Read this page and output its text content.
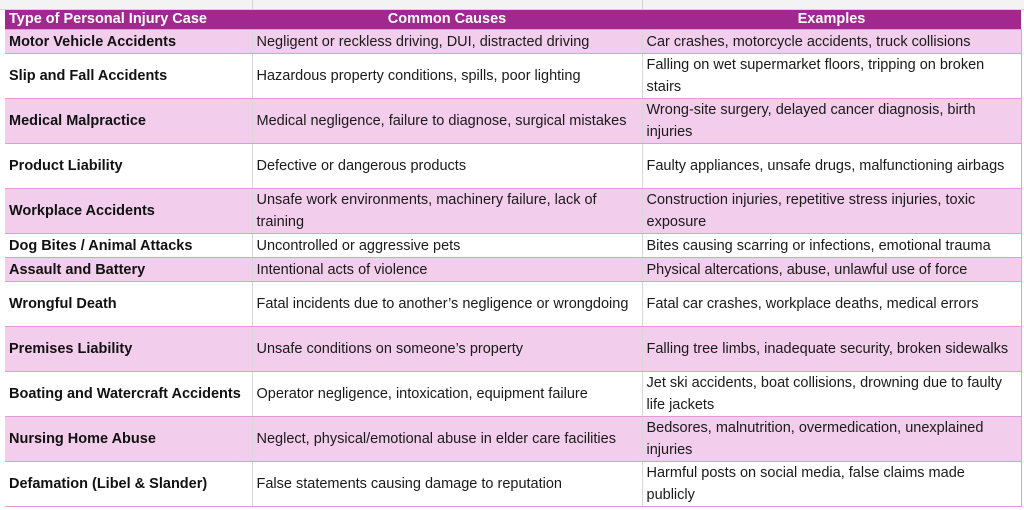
Type of Personal Injury Case	Common Causes	Examples
Motor Vehicle Accidents	Negligent or reckless driving, DUI, distracted driving	Car crashes, motorcycle accidents, truck collisions
Slip and Fall Accidents	Hazardous property conditions, spills, poor lighting	Falling on wet supermarket floors, tripping on broken stairs
Medical Malpractice	Medical negligence, failure to diagnose, surgical mistakes	Wrong-site surgery, delayed cancer diagnosis, birth injuries
Product Liability	Defective or dangerous products	Faulty appliances, unsafe drugs, malfunctioning airbags
Workplace Accidents	Unsafe work environments, machinery failure, lack of training	Construction injuries, repetitive stress injuries, toxic exposure
Dog Bites / Animal Attacks	Uncontrolled or aggressive pets	Bites causing scarring or infections, emotional trauma
Assault and Battery	Intentional acts of violence	Physical altercations, abuse, unlawful use of force
Wrongful Death	Fatal incidents due to another’s negligence or wrongdoing	Fatal car crashes, workplace deaths, medical errors
Premises Liability	Unsafe conditions on someone’s property	Falling tree limbs, inadequate security, broken sidewalks
Boating and Watercraft Accidents	Operator negligence, intoxication, equipment failure	Jet ski accidents, boat collisions, drowning due to faulty life jackets
Nursing Home Abuse	Neglect, physical/emotional abuse in elder care facilities	Bedsores, malnutrition, overmedication, unexplained injuries
Defamation (Libel & Slander)	False statements causing damage to reputation	Harmful posts on social media, false claims made publicly
